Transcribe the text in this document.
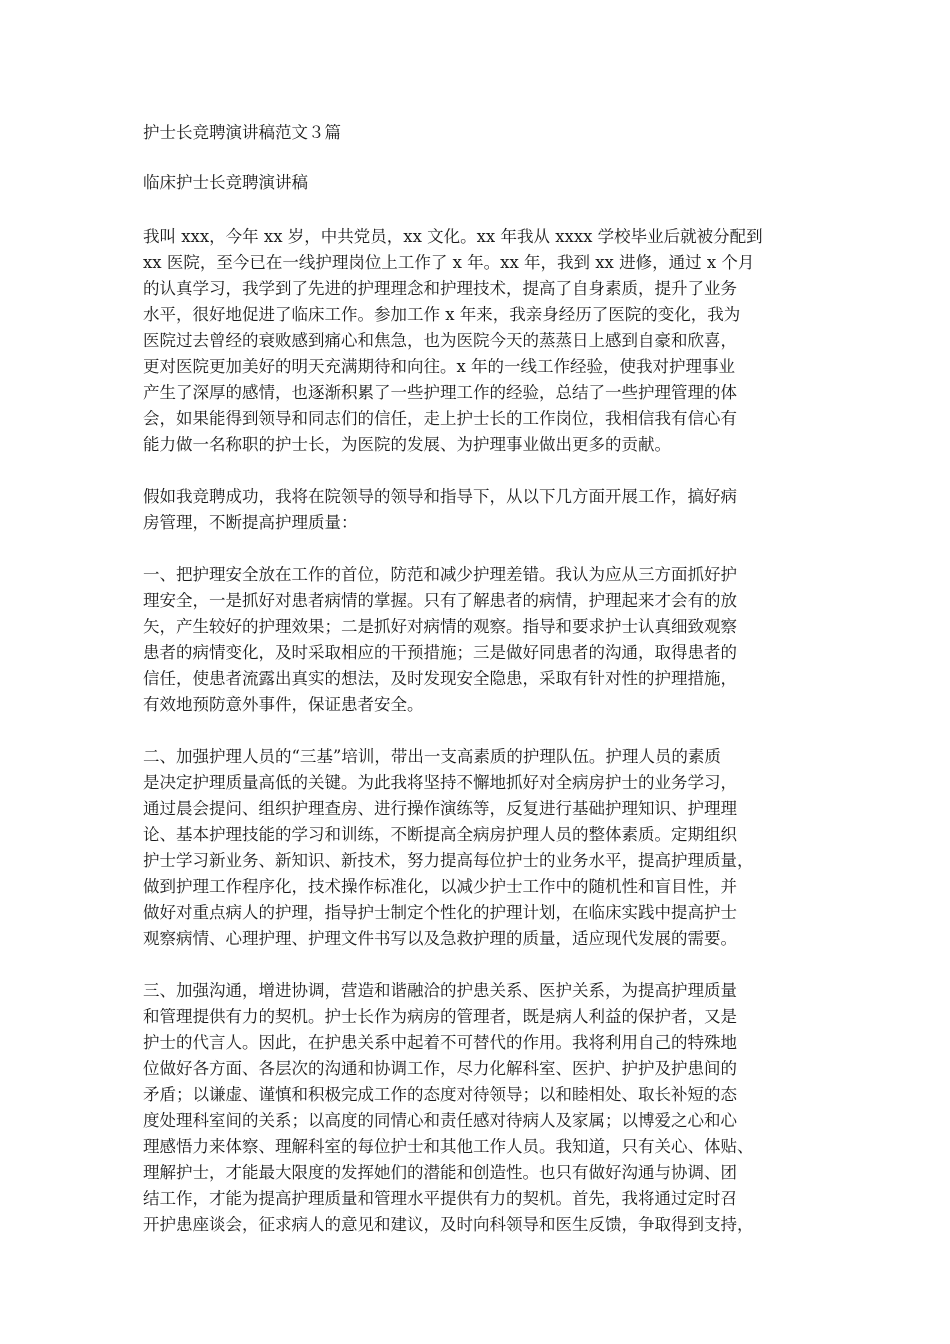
护士长竞聘演讲稿范文３篇
临床护士长竞聘演讲稿

我叫 xxx，今年 xx 岁，中共党员，xx 文化。xx 年我从 xxxx 学校毕业后就被分配到
xx 医院，至今已在一线护理岗位上工作了 x 年。xx 年，我到 xx 进修，通过 x 个月
的认真学习，我学到了先进的护理理念和护理技术，提高了自身素质，提升了业务
水平，很好地促进了临床工作。参加工作 x 年来，我亲身经历了医院的变化，我为
医院过去曾经的衰败感到痛心和焦急，也为医院今天的蒸蒸日上感到自豪和欣喜，
更对医院更加美好的明天充满期待和向往。x 年的一线工作经验，使我对护理事业
产生了深厚的感情，也逐渐积累了一些护理工作的经验，总结了一些护理管理的体
会，如果能得到领导和同志们的信任，走上护士长的工作岗位，我相信我有信心有
能力做一名称职的护士长，为医院的发展、为护理事业做出更多的贡献。

假如我竞聘成功，我将在院领导的领导和指导下，从以下几方面开展工作，搞好病
房管理，不断提高护理质量：

一、把护理安全放在工作的首位，防范和减少护理差错。我认为应从三方面抓好护
理安全，一是抓好对患者病情的掌握。只有了解患者的病情，护理起来才会有的放
矢，产生较好的护理效果；二是抓好对病情的观察。指导和要求护士认真细致观察
患者的病情变化，及时采取相应的干预措施；三是做好同患者的沟通，取得患者的
信任，使患者流露出真实的想法，及时发现安全隐患，采取有针对性的护理措施，
有效地预防意外事件，保证患者安全。

二、加强护理人员的“三基”培训，带出一支高素质的护理队伍。护理人员的素质
是决定护理质量高低的关键。为此我将坚持不懈地抓好对全病房护士的业务学习，
通过晨会提问、组织护理查房、进行操作演练等，反复进行基础护理知识、护理理
论、基本护理技能的学习和训练，不断提高全病房护理人员的整体素质。定期组织
护士学习新业务、新知识、新技术，努力提高每位护士的业务水平，提高护理质量，
做到护理工作程序化，技术操作标准化，以减少护士工作中的随机性和盲目性，并
做好对重点病人的护理，指导护士制定个性化的护理计划，在临床实践中提高护士
观察病情、心理护理、护理文件书写以及急救护理的质量，适应现代发展的需要。

三、加强沟通，增进协调，营造和谐融洽的护患关系、医护关系，为提高护理质量
和管理提供有力的契机。护士长作为病房的管理者，既是病人利益的保护者，又是
护士的代言人。因此，在护患关系中起着不可替代的作用。我将利用自己的特殊地
位做好各方面、各层次的沟通和协调工作，尽力化解科室、医护、护护及护患间的
矛盾；以谦虚、谨慎和积极完成工作的态度对待领导；以和睦相处、取长补短的态
度处理科室间的关系；以高度的同情心和责任感对待病人及家属；以博爱之心和心
理感悟力来体察、理解科室的每位护士和其他工作人员。我知道，只有关心、体贴、
理解护士，才能最大限度的发挥她们的潜能和创造性。也只有做好沟通与协调、团
结工作，才能为提高护理质量和管理水平提供有力的契机。首先，我将通过定时召
开护患座谈会，征求病人的意见和建议，及时向科领导和医生反馈，争取得到支持，
